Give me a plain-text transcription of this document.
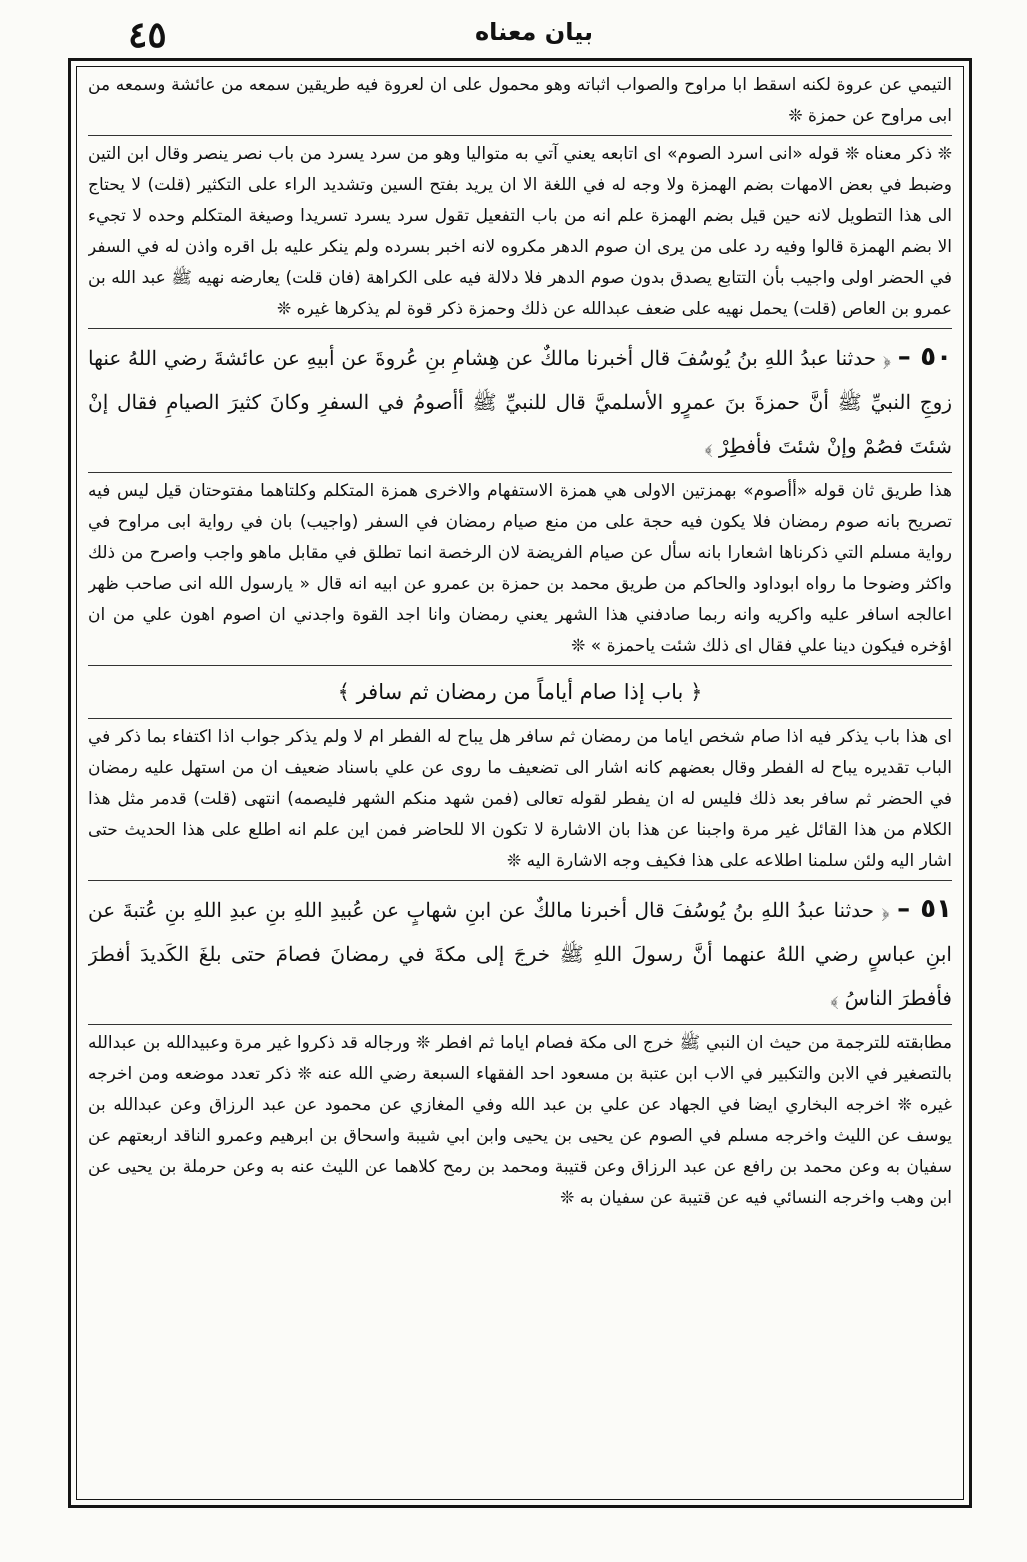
٤٥	بیان معناه

التيمي عن عروة لكنه اسقط ابا مراوح والصواب اثباته وهو محمول على ان لعروة فيه طريقين سمعه من عائشة وسمعه من ابى مراوح عن حمزة ❊

❊ ذكر معناه ❊ قوله «انى اسرد الصوم» اى اتابعه يعني آتي به متواليا وهو من سرد يسرد من باب نصر ينصر وقال ابن التين وضبط في بعض الامهات بضم الهمزة ولا وجه له في اللغة الا ان يريد بفتح السين وتشديد الراء على التكثير (قلت) لا يحتاج الى هذا التطويل لانه حين قيل بضم الهمزة علم انه من باب التفعيل تقول سرد يسرد تسريدا وصيغة المتكلم وحده لا تجيء الا بضم الهمزة قالوا وفيه رد على من يرى ان صوم الدهر مكروه لانه اخبر بسرده ولم ينكر عليه بل اقره واذن له في السفر في الحضر اولى واجيب بأن التتابع يصدق بدون صوم الدهر فلا دلالة فيه على الكراهة (فان قلت) يعارضه نهيه ﷺ عبد الله بن عمرو بن العاص (قلت) يحمل نهيه على ضعف عبدالله عن ذلك وحمزة ذكر قوة لم يذكرها غيره ❊

٥٠ – ﴿ حدثنا عبدُ اللهِ بنُ يُوسُفَ قال أخبرنا مالكٌ عن هِشامِ بنِ عُروةَ عن أبيهِ عن عائشةَ رضي اللهُ عنها زوجِ النبيِّ ﷺ أنَّ حمزةَ بنَ عمرٍو الأسلميَّ قال للنبيِّ ﷺ أأصومُ في السفرِ وكانَ كثيرَ الصيامِ فقال إنْ شئتَ فصُمْ وإنْ شئتَ فأفطِرْ ﴾

هذا طريق ثان قوله «أأصوم» بهمزتين الاولى هي همزة الاستفهام والاخرى همزة المتكلم وكلتاهما مفتوحتان قيل ليس فيه تصريح بانه صوم رمضان فلا يكون فيه حجة على من منع صيام رمضان في السفر (واجيب) بان في رواية ابى مراوح في رواية مسلم التي ذكرناها اشعارا بانه سأل عن صيام الفريضة لان الرخصة انما تطلق في مقابل ماهو واجب واصرح من ذلك واكثر وضوحا ما رواه ابوداود والحاكم من طريق محمد بن حمزة بن عمرو عن ابيه انه قال « يارسول الله انى صاحب ظهر اعالجه اسافر عليه واكريه وانه ربما صادفني هذا الشهر يعني رمضان وانا اجد القوة واجدني ان اصوم اهون علي من ان اؤخره فيكون دينا علي فقال اى ذلك شئت ياحمزة » ❊

﴿ باب إذا صام أياماً من رمضان ثم سافر ﴾

اى هذا باب يذكر فيه اذا صام شخص اياما من رمضان ثم سافر هل يباح له الفطر ام لا ولم يذكر جواب اذا اكتفاء بما ذكر في الباب تقديره يباح له الفطر وقال بعضهم كانه اشار الى تضعيف ما روى عن علي باسناد ضعيف ان من استهل عليه رمضان في الحضر ثم سافر بعد ذلك فليس له ان يفطر لقوله تعالى (فمن شهد منكم الشهر فليصمه) انتهى (قلت) قدمر مثل هذا الكلام من هذا القائل غير مرة واجبنا عن هذا بان الاشارة لا تكون الا للحاضر فمن اين علم انه اطلع على هذا الحديث حتى اشار اليه ولئن سلمنا اطلاعه على هذا فكيف وجه الاشارة اليه ❊

٥١ – ﴿ حدثنا عبدُ اللهِ بنُ يُوسُفَ قال أخبرنا مالكٌ عن ابنِ شهابٍ عن عُبيدِ اللهِ بنِ عبدِ اللهِ بنِ عُتبةَ عن ابنِ عباسٍ رضي اللهُ عنهما أنَّ رسولَ اللهِ ﷺ خرجَ إلى مكةَ في رمضانَ فصامَ حتى بلغَ الكَديدَ أفطرَ فأفطرَ الناسُ ﴾

مطابقته للترجمة من حيث ان النبي ﷺ خرج الى مكة فصام اياما ثم افطر ❊ ورجاله قد ذكروا غير مرة وعبيدالله بن عبدالله بالتصغير في الابن والتكبير في الاب ابن عتبة بن مسعود احد الفقهاء السبعة رضي الله عنه ❊ ذكر تعدد موضعه ومن اخرجه غيره ❊ اخرجه البخاري ايضا في الجهاد عن علي بن عبد الله وفي المغازي عن محمود عن عبد الرزاق وعن عبدالله بن يوسف عن الليث واخرجه مسلم في الصوم عن يحيى بن يحيى وابن ابي شيبة واسحاق بن ابرهيم وعمرو الناقد اربعتهم عن سفيان به وعن محمد بن رافع عن عبد الرزاق وعن قتيبة ومحمد بن رمح كلاهما عن الليث عنه به وعن حرملة بن يحيى عن ابن وهب واخرجه النسائي فيه عن قتيبة عن سفيان به ❊
